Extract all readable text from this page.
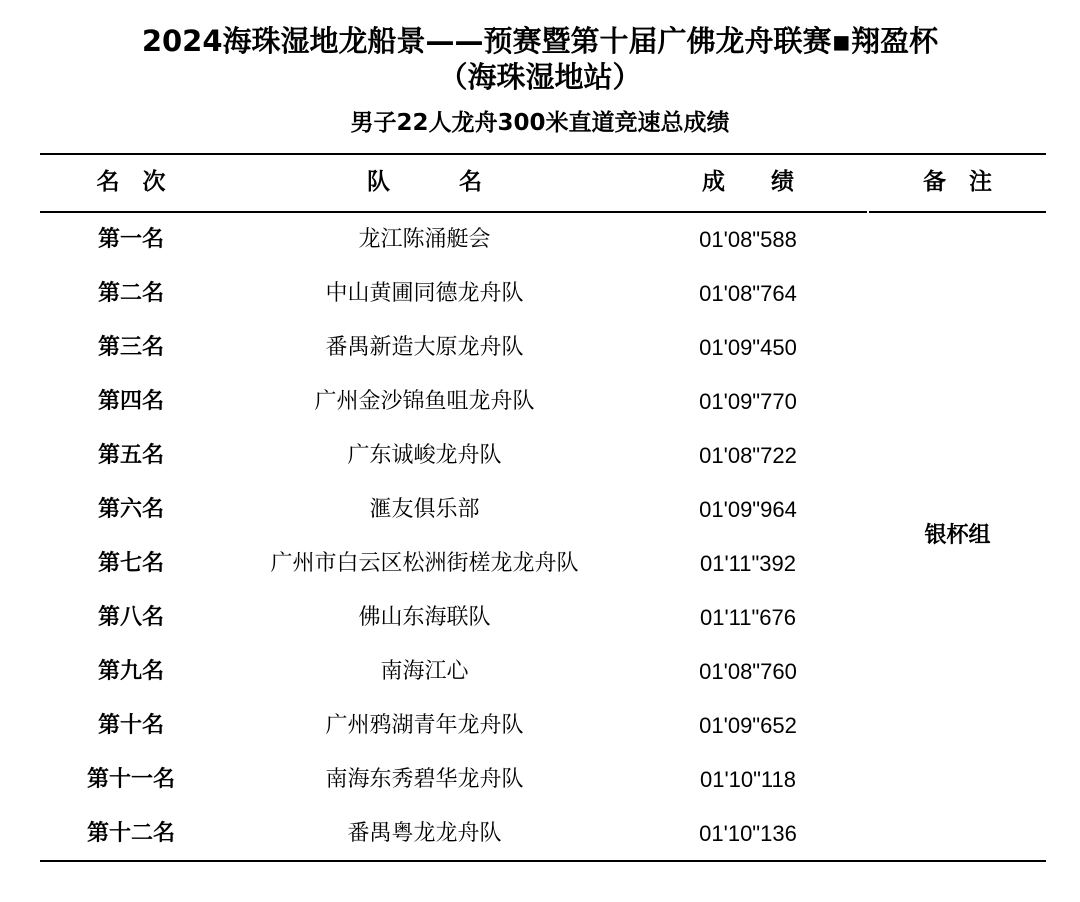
2024海珠湿地龙船景——预赛暨第十届广佛龙舟联赛▪翔盈杯
（海珠湿地站）
男子22人龙舟300米直道竞速总成绩
名　次	队　　　名	成　　绩	备　注
第一名	龙江陈涌艇会	01'08"588
第二名	中山黄圃同德龙舟队	01'08"764
第三名	番禺新造大原龙舟队	01'09"450
第四名	广州金沙锦鱼咀龙舟队	01'09"770
第五名	广东诚峻龙舟队	01'08"722
第六名	滙友俱乐部	01'09"964
第七名	广州市白云区松洲街槎龙龙舟队	01'11"392
第八名	佛山东海联队	01'11"676
第九名	南海江心	01'08"760
第十名	广州鸦湖青年龙舟队	01'09"652
第十一名	南海东秀碧华龙舟队	01'10"118
第十二名	番禺粤龙龙舟队	01'10"136
银杯组
